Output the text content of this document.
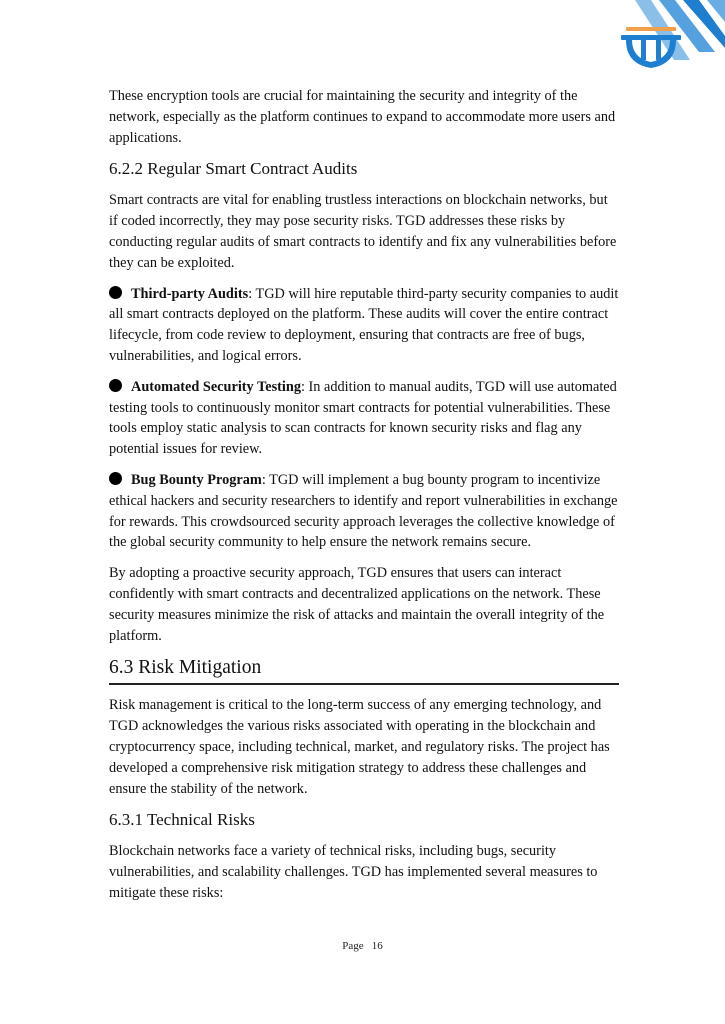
These encryption tools are crucial for maintaining the security and integrity of the network, especially as the platform continues to expand to accommodate more users and applications.

6.2.2 Regular Smart Contract Audits

Smart contracts are vital for enabling trustless interactions on blockchain networks, but if coded incorrectly, they may pose security risks. TGD addresses these risks by conducting regular audits of smart contracts to identify and fix any vulnerabilities before they can be exploited.

Third-party Audits: TGD will hire reputable third-party security companies to audit all smart contracts deployed on the platform. These audits will cover the entire contract lifecycle, from code review to deployment, ensuring that contracts are free of bugs, vulnerabilities, and logical errors.

Automated Security Testing: In addition to manual audits, TGD will use automated testing tools to continuously monitor smart contracts for potential vulnerabilities. These tools employ static analysis to scan contracts for known security risks and flag any potential issues for review.

Bug Bounty Program: TGD will implement a bug bounty program to incentivize ethical hackers and security researchers to identify and report vulnerabilities in exchange for rewards. This crowdsourced security approach leverages the collective knowledge of the global security community to help ensure the network remains secure.

By adopting a proactive security approach, TGD ensures that users can interact confidently with smart contracts and decentralized applications on the network. These security measures minimize the risk of attacks and maintain the overall integrity of the platform.

6.3 Risk Mitigation

Risk management is critical to the long-term success of any emerging technology, and TGD acknowledges the various risks associated with operating in the blockchain and cryptocurrency space, including technical, market, and regulatory risks. The project has developed a comprehensive risk mitigation strategy to address these challenges and ensure the stability of the network.

6.3.1 Technical Risks

Blockchain networks face a variety of technical risks, including bugs, security vulnerabilities, and scalability challenges. TGD has implemented several measures to mitigate these risks:

Page 16
